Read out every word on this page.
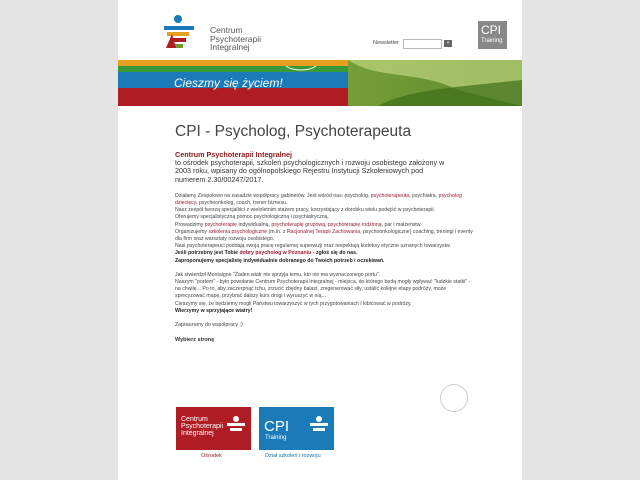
Centrum
Psychoterapii
Integralnej	Newsletter	»
CPI
Training
Cieszmy się życiem!
CPI - Psycholog, Psychoterapeuta
Centrum Psychoterapii Integralnej
to ośrodek psychoterapii, szkoleń psychologicznych i rozwoju osobistego założony w 2003 roku, wpisany do ogólnopolskiego Rejestru Instytucji Szkoleniowych pod numerem 2.30/00247/2017.
Działamy Zespołowo na zasadzie współpracy gabinetów. Jest wśród nas: psycholog, psychoterapeuta, psychiatra, psycholog dziecięcy, psychoonkolog, coach, trener biznesu.
Nasz zespół tworzą specjaliści z wieloletnim stażem pracy, korzystający z dorobku wielu podejść w psychoterapii.
Oferujemy specjalistyczną pomoc psychologiczną i psychiatryczną.
Prowadzimy psychoterapię indywidualną, psychoterapię grupową, psychoterapię rodzinną, par i małżeństw.
Organizujemy szkolenia psychologiczne (m.in. z Racjonalnej Terapii Zachowania, psychoonkologiczne) coaching, treningi i eventy dla firm oraz warsztaty rozwoju osobistego.
Nasi psychoterapeuci poddają swoją pracę regularnej superwizji oraz respektują kodeksy etyczne uznanych towarzystw.
Jeśli potrzebny jest Tobie dobry psycholog w Poznaniu - zgłoś się do nas.
Zaproponujemy specjalistę indywidualnie dobranego do Twoich potrzeb i oczekiwań.
Jak stwierdził Montaigne "Żaden wiatr nie sprzyja temu, kto nie ma wyznaczonego portu".
Naszym "portem" - było powołanie Centrum Psychoterapii Integralnej - miejsca, do którego będą mogły wpływać "ludzkie statki" - na chwilę... Po to, aby zaczerpnąć tchu, zrzucić zbędny balast, zregenerować siły, ustalić kolejne etapy podróży, może sprecyzować mapę, przybrać dalszy kurs drogi i wyruszyć w nią...
Cieszymy się, że będziemy mogli Państwu towarzyszyć w tych przygotowaniach i kibicować w podróży.
Wierzymy w sprzyjające wiatry!
Zapraszamy do współpracy :)
Wybierz stronę
Centrum
Psychoterapii
Integralnej
Ośrodek
CPI
Training
Dział szkoleń i rozwoju
